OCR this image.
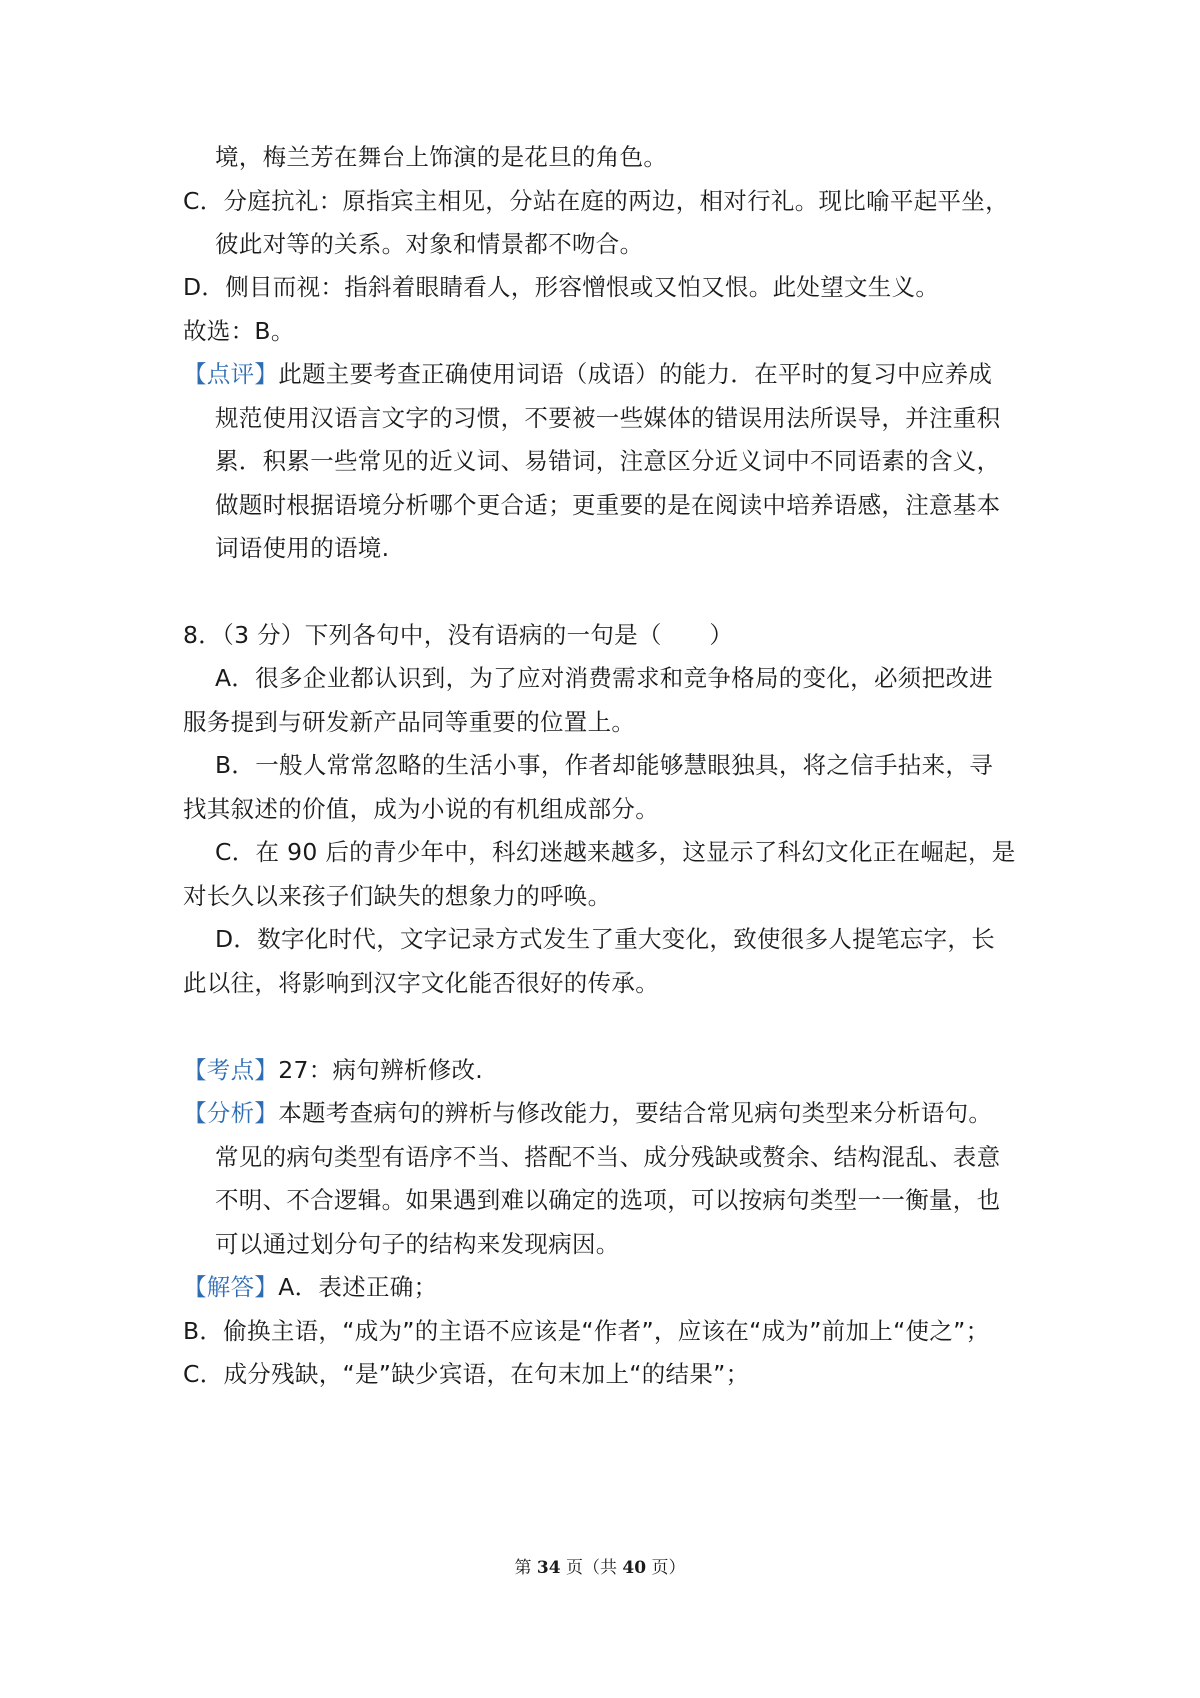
境，梅兰芳在舞台上饰演的是花旦的角色。
C．分庭抗礼：原指宾主相见，分站在庭的两边，相对行礼。现比喻平起平坐，
彼此对等的关系。对象和情景都不吻合。
D．侧目而视：指斜着眼睛看人，形容憎恨或又怕又恨。此处望文生义。
故选：B。
【点评】此题主要考查正确使用词语（成语）的能力．在平时的复习中应养成
规范使用汉语言文字的习惯，不要被一些媒体的错误用法所误导，并注重积
累．积累一些常见的近义词、易错词，注意区分近义词中不同语素的含义，
做题时根据语境分析哪个更合适；更重要的是在阅读中培养语感，注意基本
词语使用的语境.
8．（3 分）下列各句中，没有语病的一句是（　　）
A．很多企业都认识到，为了应对消费需求和竞争格局的变化，必须把改进
服务提到与研发新产品同等重要的位置上。
B．一般人常常忽略的生活小事，作者却能够慧眼独具，将之信手拈来，寻
找其叙述的价值，成为小说的有机组成部分。
C．在 90 后的青少年中，科幻迷越来越多，这显示了科幻文化正在崛起，是
对长久以来孩子们缺失的想象力的呼唤。
D．数字化时代，文字记录方式发生了重大变化，致使很多人提笔忘字，长
此以往，将影响到汉字文化能否很好的传承。
【考点】27：病句辨析修改.
【分析】本题考查病句的辨析与修改能力，要结合常见病句类型来分析语句。
常见的病句类型有语序不当、搭配不当、成分残缺或赘余、结构混乱、表意
不明、不合逻辑。如果遇到难以确定的选项，可以按病句类型一一衡量，也
可以通过划分句子的结构来发现病因。
【解答】A．表述正确；
B．偷换主语，“成为”的主语不应该是“作者”，应该在“成为”前加上“使之”；
C．成分残缺，“是”缺少宾语，在句末加上“的结果”；
第 34 页（共 40 页）
